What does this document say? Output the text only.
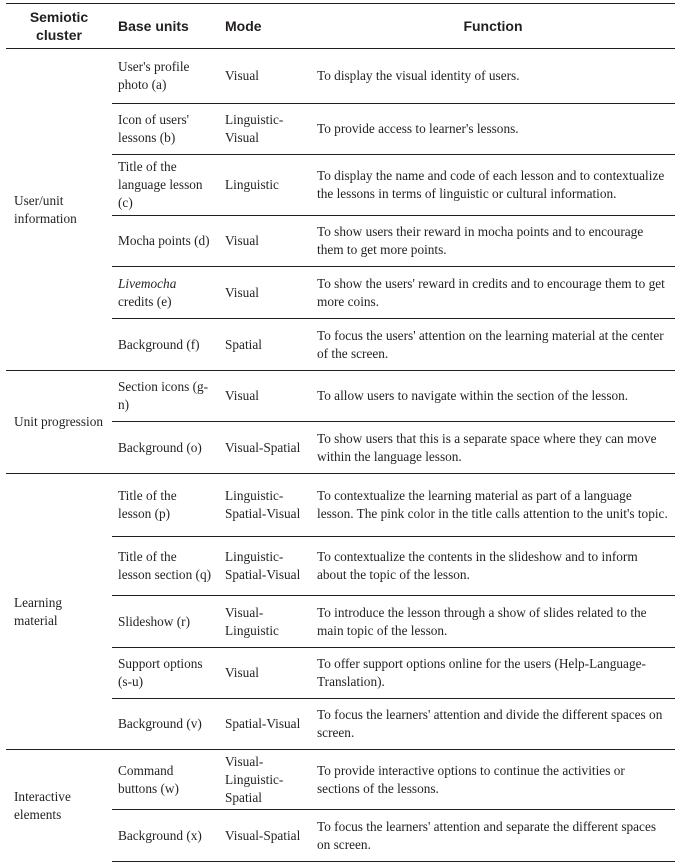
Semiotic cluster	Base units	Mode	Function
User/unit information	User's profile photo (a)	Visual	To display the visual identity of users.
	Icon of users' lessons (b)	Linguistic-Visual	To provide access to learner's lessons.
	Title of the language lesson (c)	Linguistic	To display the name and code of each lesson and to contextualize the lessons in terms of linguistic or cultural information.
	Mocha points (d)	Visual	To show users their reward in mocha points and to encourage them to get more points.
	Livemocha credits (e)	Visual	To show the users' reward in credits and to encourage them to get more coins.
	Background (f)	Spatial	To focus the users' attention on the learning material at the center of the screen.
Unit progression	Section icons (g-n)	Visual	To allow users to navigate within the section of the lesson.
	Background (o)	Visual-Spatial	To show users that this is a separate space where they can move within the language lesson.
Learning material	Title of the lesson (p)	Linguistic-Spatial-Visual	To contextualize the learning material as part of a language lesson. The pink color in the title calls attention to the unit's topic.
	Title of the lesson section (q)	Linguistic-Spatial-Visual	To contextualize the contents in the slideshow and to inform about the topic of the lesson.
	Slideshow (r)	Visual-Linguistic	To introduce the lesson through a show of slides related to the main topic of the lesson.
	Support options (s-u)	Visual	To offer support options online for the users (Help-Language-Translation).
	Background (v)	Spatial-Visual	To focus the learners' attention and divide the different spaces on screen.
Interactive elements	Command buttons (w)	Visual-Linguistic-Spatial	To provide interactive options to continue the activities or sections of the lessons.
	Background (x)	Visual-Spatial	To focus the learners' attention and separate the different spaces on screen.
